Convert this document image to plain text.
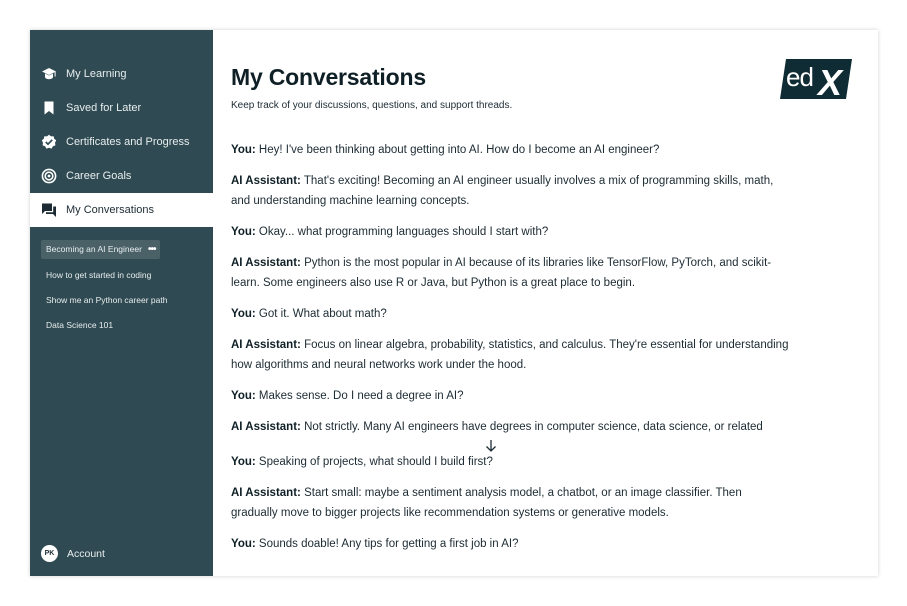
My Learning
Saved for Later
Certificates and Progress
Career Goals
My Conversations
Becoming an AI Engineer •••
How to get started in coding
Show me an Python career path
Data Science 101
PK	Account
My Conversations

Keep track of your discussions, questions, and support threads.

ed X

You: Hey! I've been thinking about getting into AI. How do I become an AI engineer?

AI Assistant: That's exciting! Becoming an AI engineer usually involves a mix of programming skills, math, and understanding machine learning concepts.

You: Okay... what programming languages should I start with?

AI Assistant: Python is the most popular in AI because of its libraries like TensorFlow, PyTorch, and scikit-learn. Some engineers also use R or Java, but Python is a great place to begin.

You: Got it. What about math?

AI Assistant: Focus on linear algebra, probability, statistics, and calculus. They're essential for understanding how algorithms and neural networks work under the hood.

You: Makes sense. Do I need a degree in AI?

AI Assistant: Not strictly. Many AI engineers have degrees in computer science, data science, or related

You: Speaking of projects, what should I build first?

AI Assistant: Start small: maybe a sentiment analysis model, a chatbot, or an image classifier. Then gradually move to bigger projects like recommendation systems or generative models.

You: Sounds doable! Any tips for getting a first job in AI?
